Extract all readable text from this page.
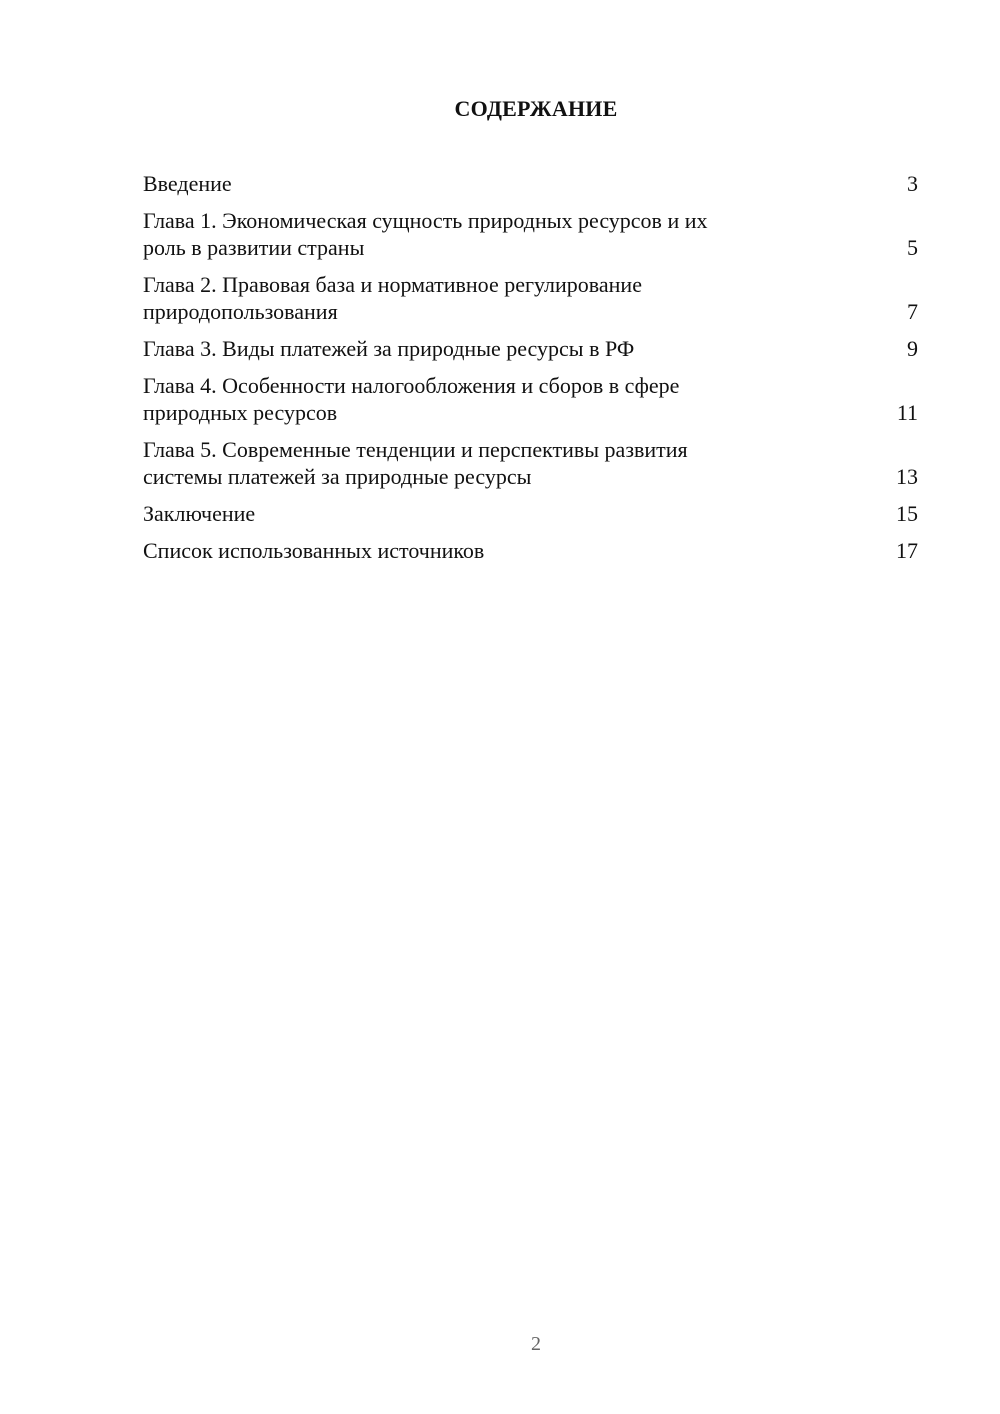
СОДЕРЖАНИЕ
Введение	3
Глава 1. Экономическая сущность природных ресурсов и их
роль в развитии страны	5
Глава 2. Правовая база и нормативное регулирование
природопользования	7
Глава 3. Виды платежей за природные ресурсы в РФ	9
Глава 4. Особенности налогообложения и сборов в сфере
природных ресурсов	11
Глава 5. Современные тенденции и перспективы развития
системы платежей за природные ресурсы	13
Заключение	15
Список использованных источников	17
2
